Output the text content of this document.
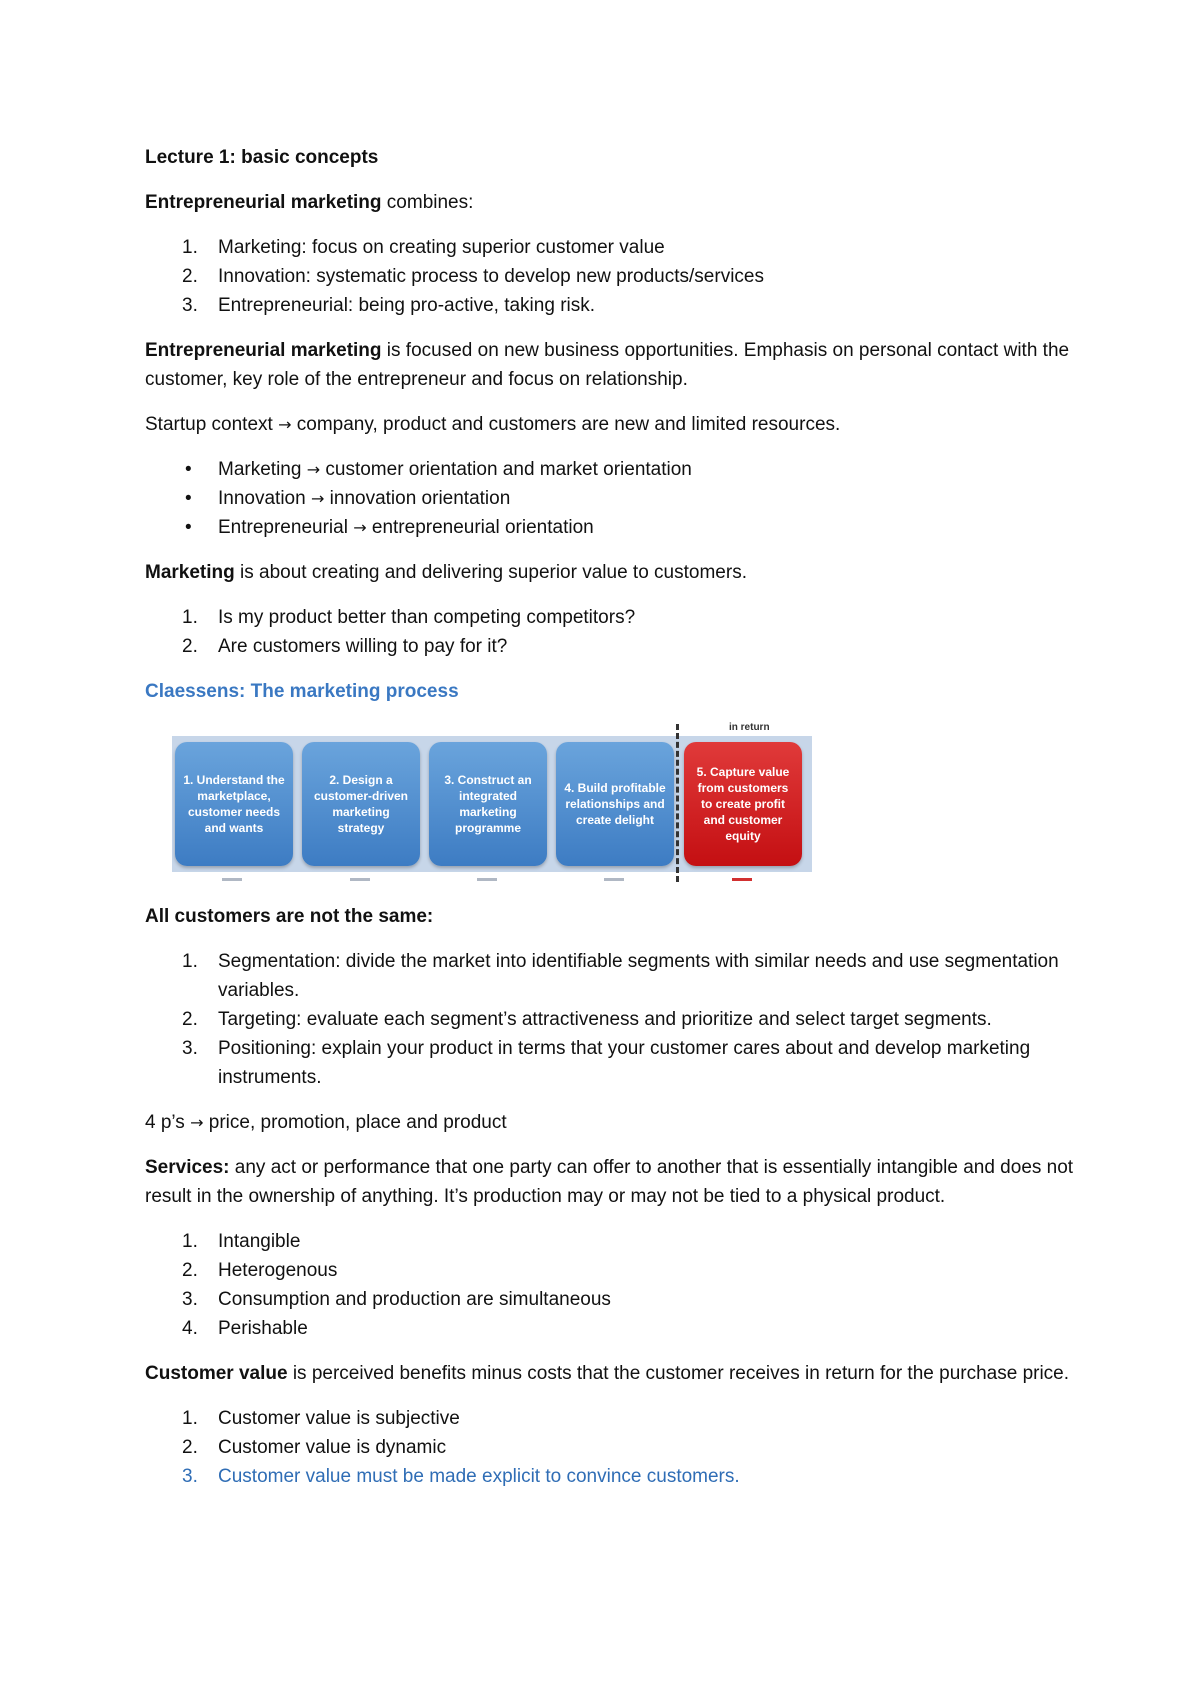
Lecture 1: basic concepts

Entrepreneurial marketing combines:

1. Marketing: focus on creating superior customer value
2. Innovation: systematic process to develop new products/services
3. Entrepreneurial: being pro-active, taking risk.

Entrepreneurial marketing is focused on new business opportunities. Emphasis on personal contact with the customer, key role of the entrepreneur and focus on relationship.

Startup context → company, product and customers are new and limited resources.

• Marketing → customer orientation and market orientation
• Innovation → innovation orientation
• Entrepreneurial → entrepreneurial orientation

Marketing is about creating and delivering superior value to customers.

1. Is my product better than competing competitors?
2. Are customers willing to pay for it?

Claessens: The marketing process

in return
1. Understand the marketplace, customer needs and wants
2. Design a customer-driven marketing strategy
3. Construct an integrated marketing programme
4. Build profitable relationships and create delight
5. Capture value from customers to create profit and customer equity

All customers are not the same:

1. Segmentation: divide the market into identifiable segments with similar needs and use segmentation variables.
2. Targeting: evaluate each segment’s attractiveness and prioritize and select target segments.
3. Positioning: explain your product in terms that your customer cares about and develop marketing instruments.

4 p’s → price, promotion, place and product

Services: any act or performance that one party can offer to another that is essentially intangible and does not result in the ownership of anything. It’s production may or may not be tied to a physical product.

1. Intangible
2. Heterogenous
3. Consumption and production are simultaneous
4. Perishable

Customer value is perceived benefits minus costs that the customer receives in return for the purchase price.

1. Customer value is subjective
2. Customer value is dynamic
3. Customer value must be made explicit to convince customers.
